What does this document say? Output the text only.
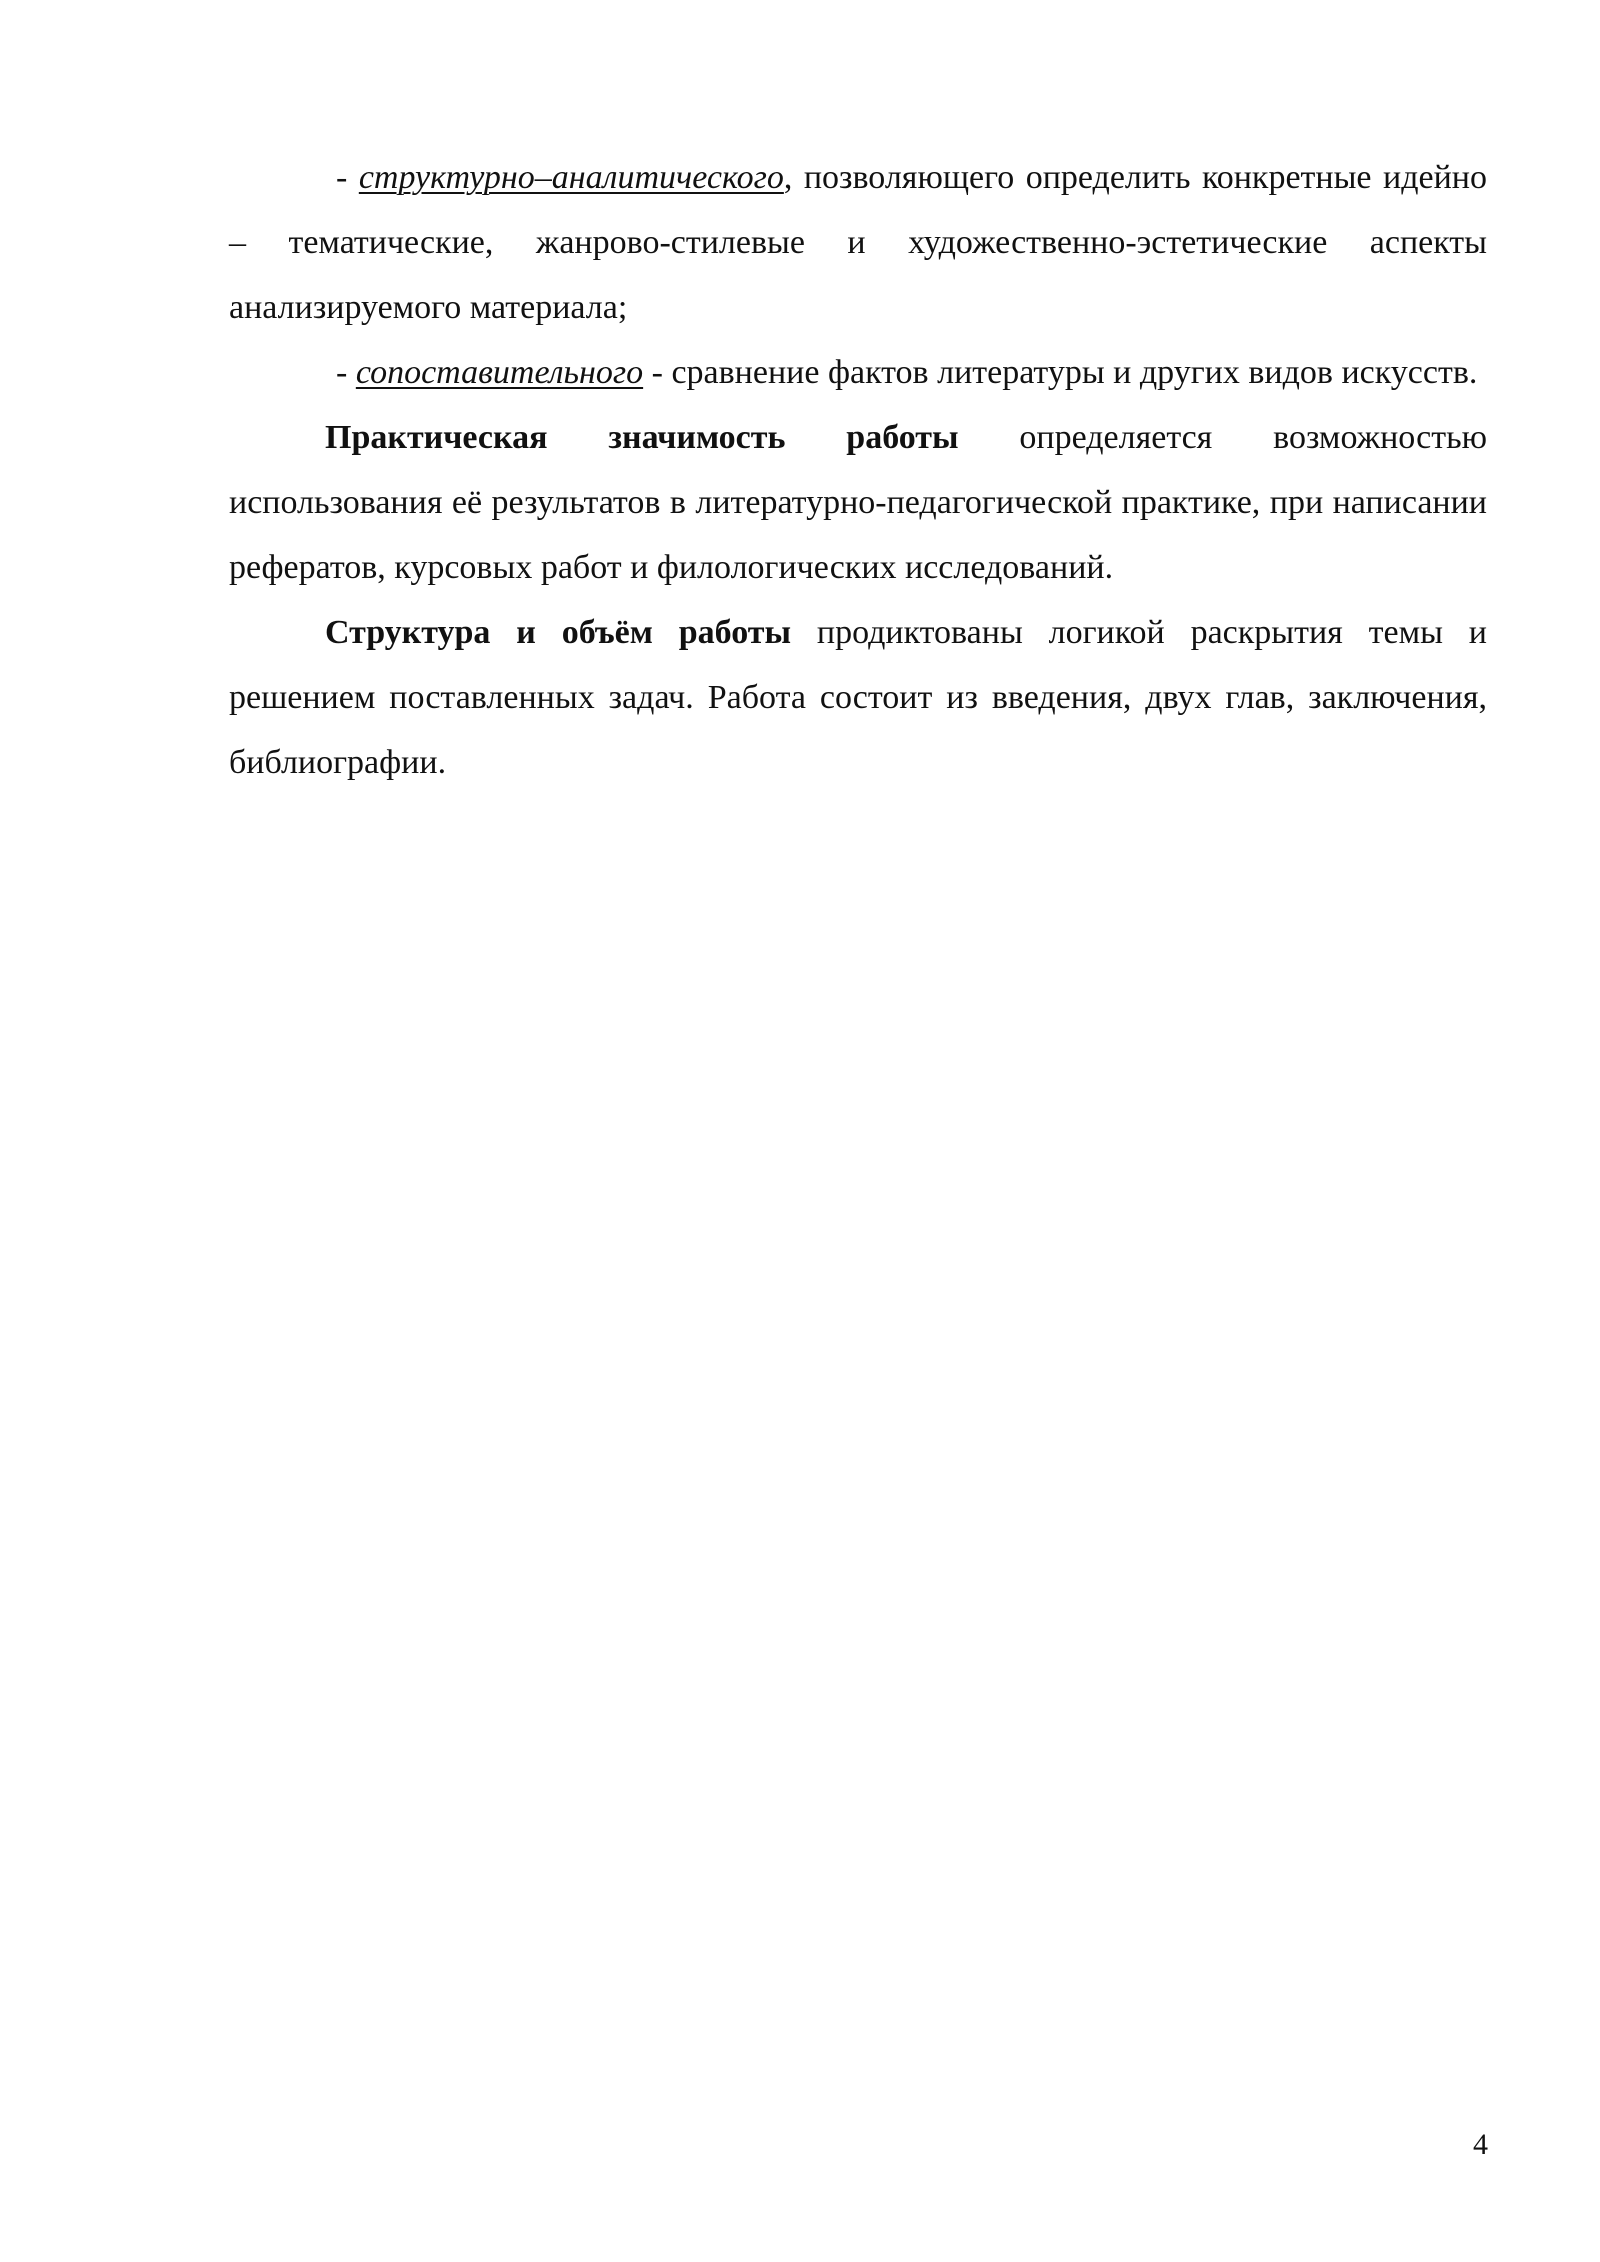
- структурно–аналитического, позволяющего определить конкретные идейно – тематические, жанрово-стилевые и художественно-эстетические аспекты анализируемого материала;

- сопоставительного - сравнение фактов литературы и других видов искусств.

Практическая значимость работы определяется возможностью использования её результатов в литературно-педагогической практике, при написании рефератов, курсовых работ и филологических исследований.

Структура и объём работы продиктованы логикой раскрытия темы и решением поставленных задач. Работа состоит из введения, двух глав, заключения, библиографии.

4
